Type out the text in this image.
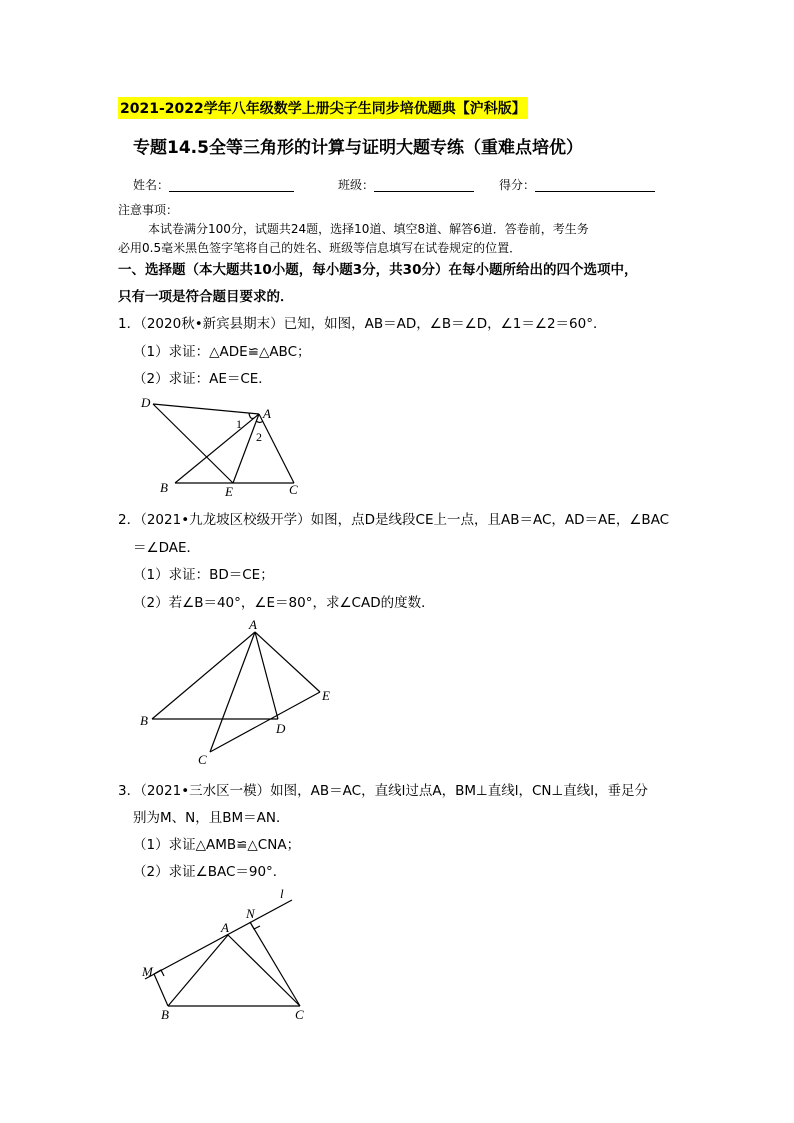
2021-2022学年八年级数学上册尖子生同步培优题典【沪科版】
专题14.5全等三角形的计算与证明大题专练（重难点培优）
姓名：	班级：	得分：
注意事项：
本试卷满分100分，试题共24题，选择10道、填空8道、解答6道．答卷前，考生务
必用0.5毫米黑色签字笔将自己的姓名、班级等信息填写在试卷规定的位置．
一、选择题（本大题共10小题，每小题3分，共30分）在每小题所给出的四个选项中，
只有一项是符合题目要求的．
1．（2020秋•新宾县期末）已知，如图，AB＝AD，∠B＝∠D，∠1＝∠2＝60°．
（1）求证：△ADE≌△ABC；
（2）求证：AE＝CE．
D
A
1
2
B	E	C
A
B
C
D
E
l
N
A
M
B	C
2．（2021•九龙坡区校级开学）如图，点D是线段CE上一点，且AB＝AC，AD＝AE，∠BAC
＝∠DAE．
（1）求证：BD＝CE；
（2）若∠B＝40°，∠E＝80°，求∠CAD的度数．
3．（2021•三水区一模）如图，AB＝AC，直线l过点A，BM⊥直线l，CN⊥直线l，垂足分
别为M、N，且BM＝AN．
（1）求证△AMB≌△CNA；
（2）求证∠BAC＝90°．
